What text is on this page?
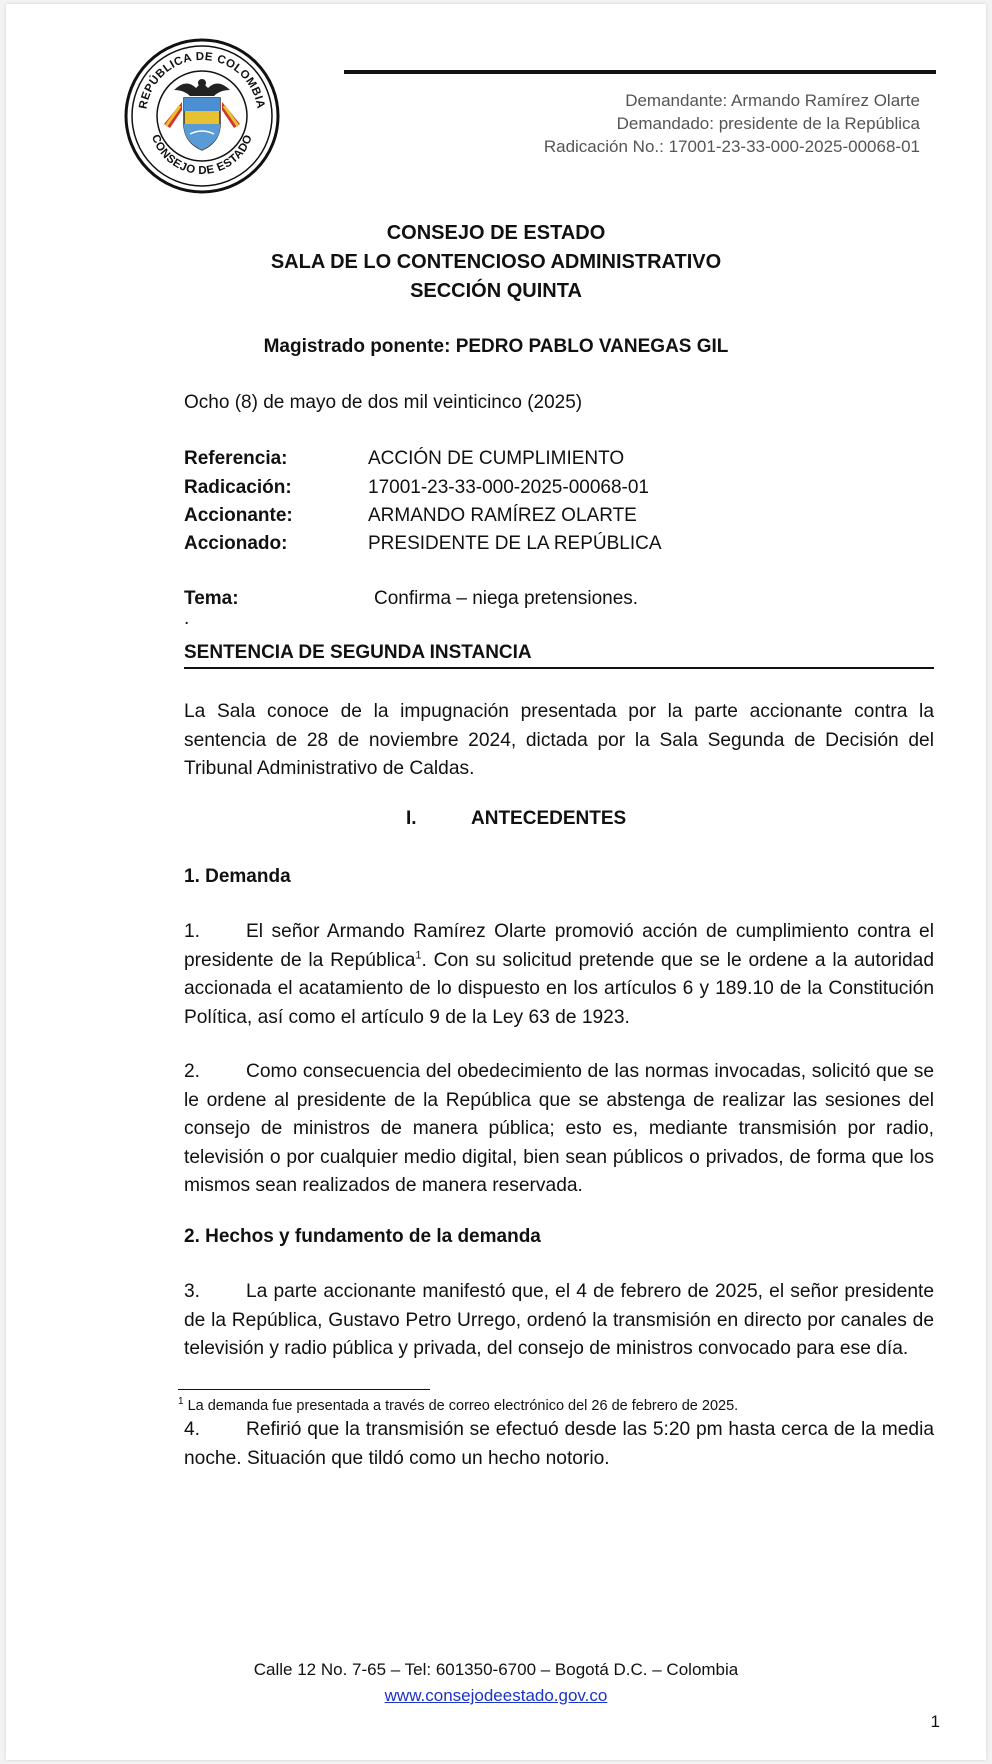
REPÚBLICA DE COLOMBIA
CONSEJO DE ESTADO
Demandante: Armando Ramírez Olarte
Demandado: presidente de la República
Radicación No.: 17001-23-33-000-2025-00068-01
CONSEJO DE ESTADO
SALA DE LO CONTENCIOSO ADMINISTRATIVO
SECCIÓN QUINTA
Magistrado ponente: PEDRO PABLO VANEGAS GIL
Ocho (8) de mayo de dos mil veinticinco (2025)
Referencia:	ACCIÓN DE CUMPLIMIENTO
Radicación:	17001-23-33-000-2025-00068-01
Accionante:	ARMANDO RAMÍREZ OLARTE
Accionado:	PRESIDENTE DE LA REPÚBLICA
Tema:	Confirma – niega pretensiones.
.
SENTENCIA DE SEGUNDA INSTANCIA
La Sala conoce de la impugnación presentada por la parte accionante contra la sentencia de 28 de noviembre 2024, dictada por la Sala Segunda de Decisión del Tribunal Administrativo de Caldas.
I.	ANTECEDENTES
1. Demanda
1. El señor Armando Ramírez Olarte promovió acción de cumplimiento contra el presidente de la República$^1$. Con su solicitud pretende que se le ordene a la autoridad accionada el acatamiento de lo dispuesto en los artículos 6 y 189.10 de la Constitución Política, así como el artículo 9 de la Ley 63 de 1923.
2. Como consecuencia del obedecimiento de las normas invocadas, solicitó que se le ordene al presidente de la República que se abstenga de realizar las sesiones del consejo de ministros de manera pública; esto es, mediante transmisión por radio, televisión o por cualquier medio digital, bien sean públicos o privados, de forma que los mismos sean realizados de manera reservada.
2. Hechos y fundamento de la demanda
3. La parte accionante manifestó que, el 4 de febrero de 2025, el señor presidente de la República, Gustavo Petro Urrego, ordenó la transmisión en directo por canales de televisión y radio pública y privada, del consejo de ministros convocado para ese día.
4. Refirió que la transmisión se efectuó desde las 5:20 pm hasta cerca de la media noche. Situación que tildó como un hecho notorio.
$^1$ La demanda fue presentada a través de correo electrónico del 26 de febrero de 2025.
Calle 12 No. 7-65 – Tel: 601350-6700 – Bogotá D.C. – Colombia
www.consejodeestado.gov.co
1
